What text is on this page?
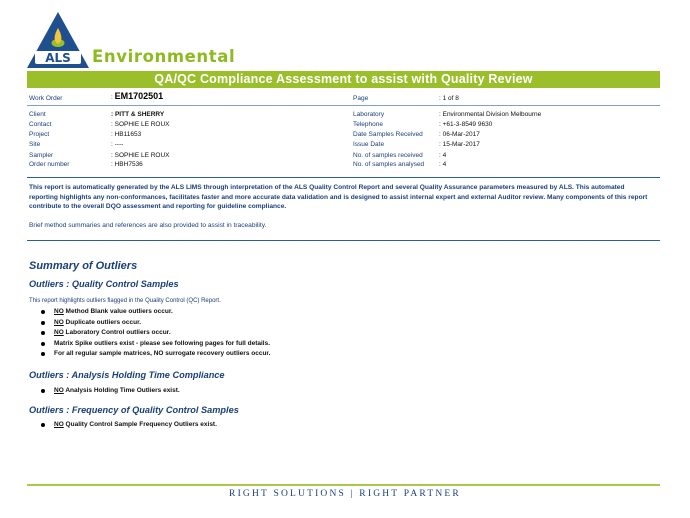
ALS Environmental
QA/QC Compliance Assessment to assist with Quality Review
Work Order	: EM1702501	Page	: 1 of 8
Client	: PITT & SHERRY
Contact	: SOPHIE LE ROUX
Project	: HB11653
Site	: ----
Sampler	: SOPHIE LE ROUX
Order number	: HBH7536
Laboratory	: Environmental Division Melbourne
Telephone	: +61-3-8549 9630
Date Samples Received	: 06-Mar-2017
Issue Date	: 15-Mar-2017
No. of samples received	: 4
No. of samples analysed : 4
This report is automatically generated by the ALS LIMS through interpretation of the ALS Quality Control Report and several Quality Assurance parameters measured by ALS. This automated reporting highlights any non-conformances, facilitates faster and more accurate data validation and is designed to assist internal expert and external Auditor review. Many components of this report contribute to the overall DQO assessment and reporting for guideline compliance.
Brief method summaries and references are also provided to assist in traceability.
Summary of Outliers
Outliers : Quality Control Samples
This report highlights outliers flagged in the Quality Control (QC) Report.
NO Method Blank value outliers occur.
NO Duplicate outliers occur.
NO Laboratory Control outliers occur.
Matrix Spike outliers exist - please see following pages for full details.
For all regular sample matrices, NO surrogate recovery outliers occur.
Outliers : Analysis Holding Time Compliance
NO Analysis Holding Time Outliers exist.
Outliers : Frequency of Quality Control Samples
NO Quality Control Sample Frequency Outliers exist.
RIGHT SOLUTIONS | RIGHT PARTNER
